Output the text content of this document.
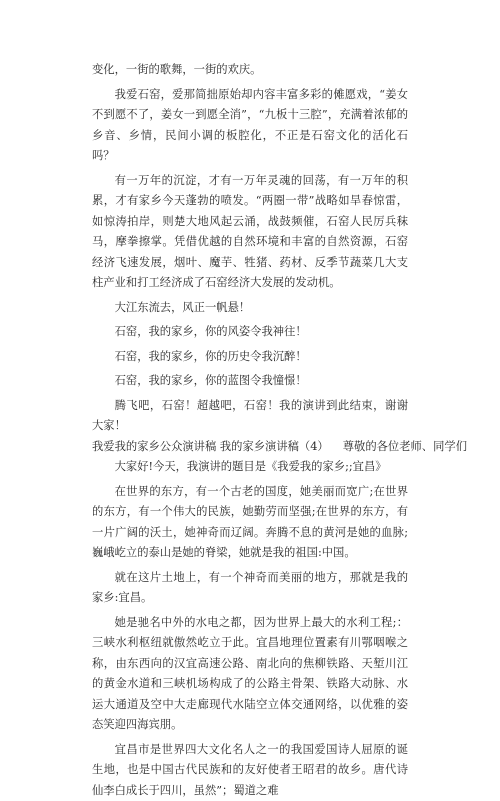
变化，一街的歌舞，一街的欢庆。

我爱石窑，爱那简拙原始却内容丰富多彩的傩愿戏，“姜女不到愿不了，姜女一到愿全消”，“九板十三腔”，充满着浓郁的乡音、乡情，民间小调的板腔化，不正是石窑文化的活化石吗？

有一万年的沉淀，才有一万年灵魂的回荡，有一万年的积累，才有家乡今天蓬勃的喷发。“两圈一带”战略如旱春惊雷，如惊涛拍岸，则楚大地风起云涌，战鼓频催，石窑人民厉兵秣马，摩拳擦掌。凭借优越的自然环境和丰富的自然资源，石窑经济飞速发展，烟叶、魔芋、牲猪、药材、反季节蔬菜几大支柱产业和打工经济成了石窑经济大发展的发动机。

大江东流去，风正一帆悬！

石窑，我的家乡，你的风姿令我神往！

石窑，我的家乡，你的历史令我沉醉！

石窑，我的家乡，你的蓝图令我憧憬！

腾飞吧，石窑！超越吧，石窑！我的演讲到此结束，谢谢大家！

我爱我的家乡公众演讲稿 我的家乡演讲稿（4） 尊敬的各位老师、同学们

大家好!今天，我演讲的题目是《我爱我的家乡;;宜昌》

在世界的东方，有一个古老的国度，她美丽而宽广;在世界的东方，有一个伟大的民族，她勤劳而坚强;在世界的东方，有一片广阔的沃土，她神奇而辽阔。奔腾不息的黄河是她的血脉;巍峨屹立的泰山是她的脊梁，她就是我的祖国:中国。

就在这片土地上，有一个神奇而美丽的地方，那就是我的家乡:宜昌。

她是驰名中外的水电之都，因为世界上最大的水利工程;：三峡水利枢纽就傲然屹立于此。宜昌地理位置素有川鄂咽喉之称，由东西向的汉宜高速公路、南北向的焦柳铁路、天堑川江的黄金水道和三峡机场构成了的公路主骨架、铁路大动脉、水运大通道及空中大走廊现代水陆空立体交通网络，以优雅的姿态笑迎四海宾朋。

宜昌市是世界四大文化名人之一的我国爱国诗人屈原的诞生地，也是中国古代民族和的友好使者王昭君的故乡。唐代诗仙李白成长于四川，虽然”；蜀道之难
